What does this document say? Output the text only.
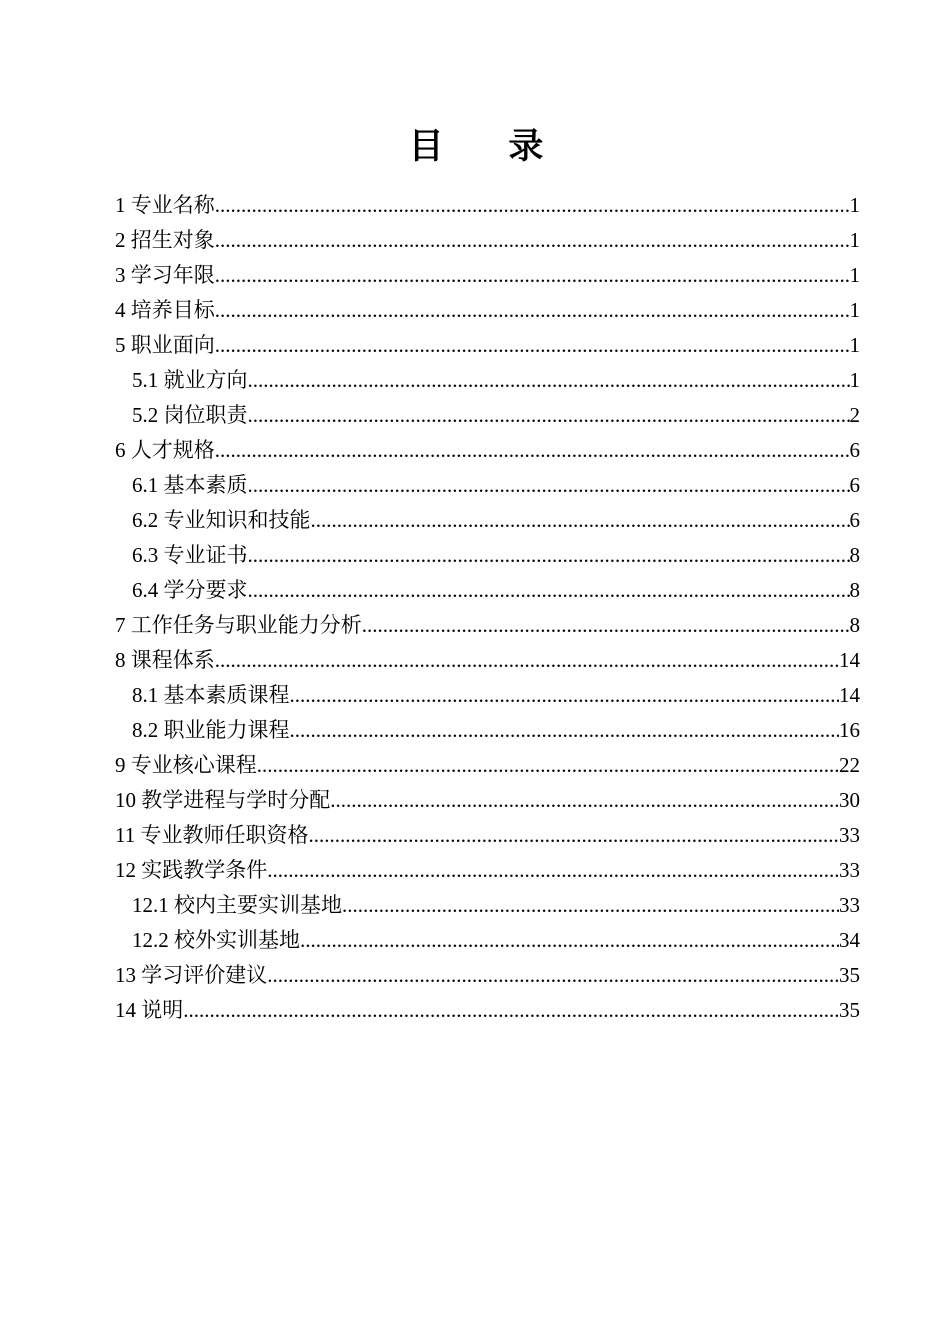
目 录
1 专业名称 .....	1
2 招生对象 .....	1
3 学习年限 .....	1
4 培养目标 .....	1
5 职业面向 .....	1
5.1 就业方向 .....	1
5.2 岗位职责 .....	2
6 人才规格 .....	6
6.1 基本素质 .....	6
6.2 专业知识和技能 .....	6
6.3 专业证书 .....	8
6.4 学分要求 .....	8
7 工作任务与职业能力分析 .....	8
8 课程体系 .....	14
8.1 基本素质课程 .....	14
8.2 职业能力课程 .....	16
9 专业核心课程 .....	22
10 教学进程与学时分配 .....	30
11 专业教师任职资格 .....	33
12 实践教学条件 .....	33
12.1 校内主要实训基地 .....	33
12.2 校外实训基地 .....	34
13 学习评价建议 .....	35
14 说明 .....	35
